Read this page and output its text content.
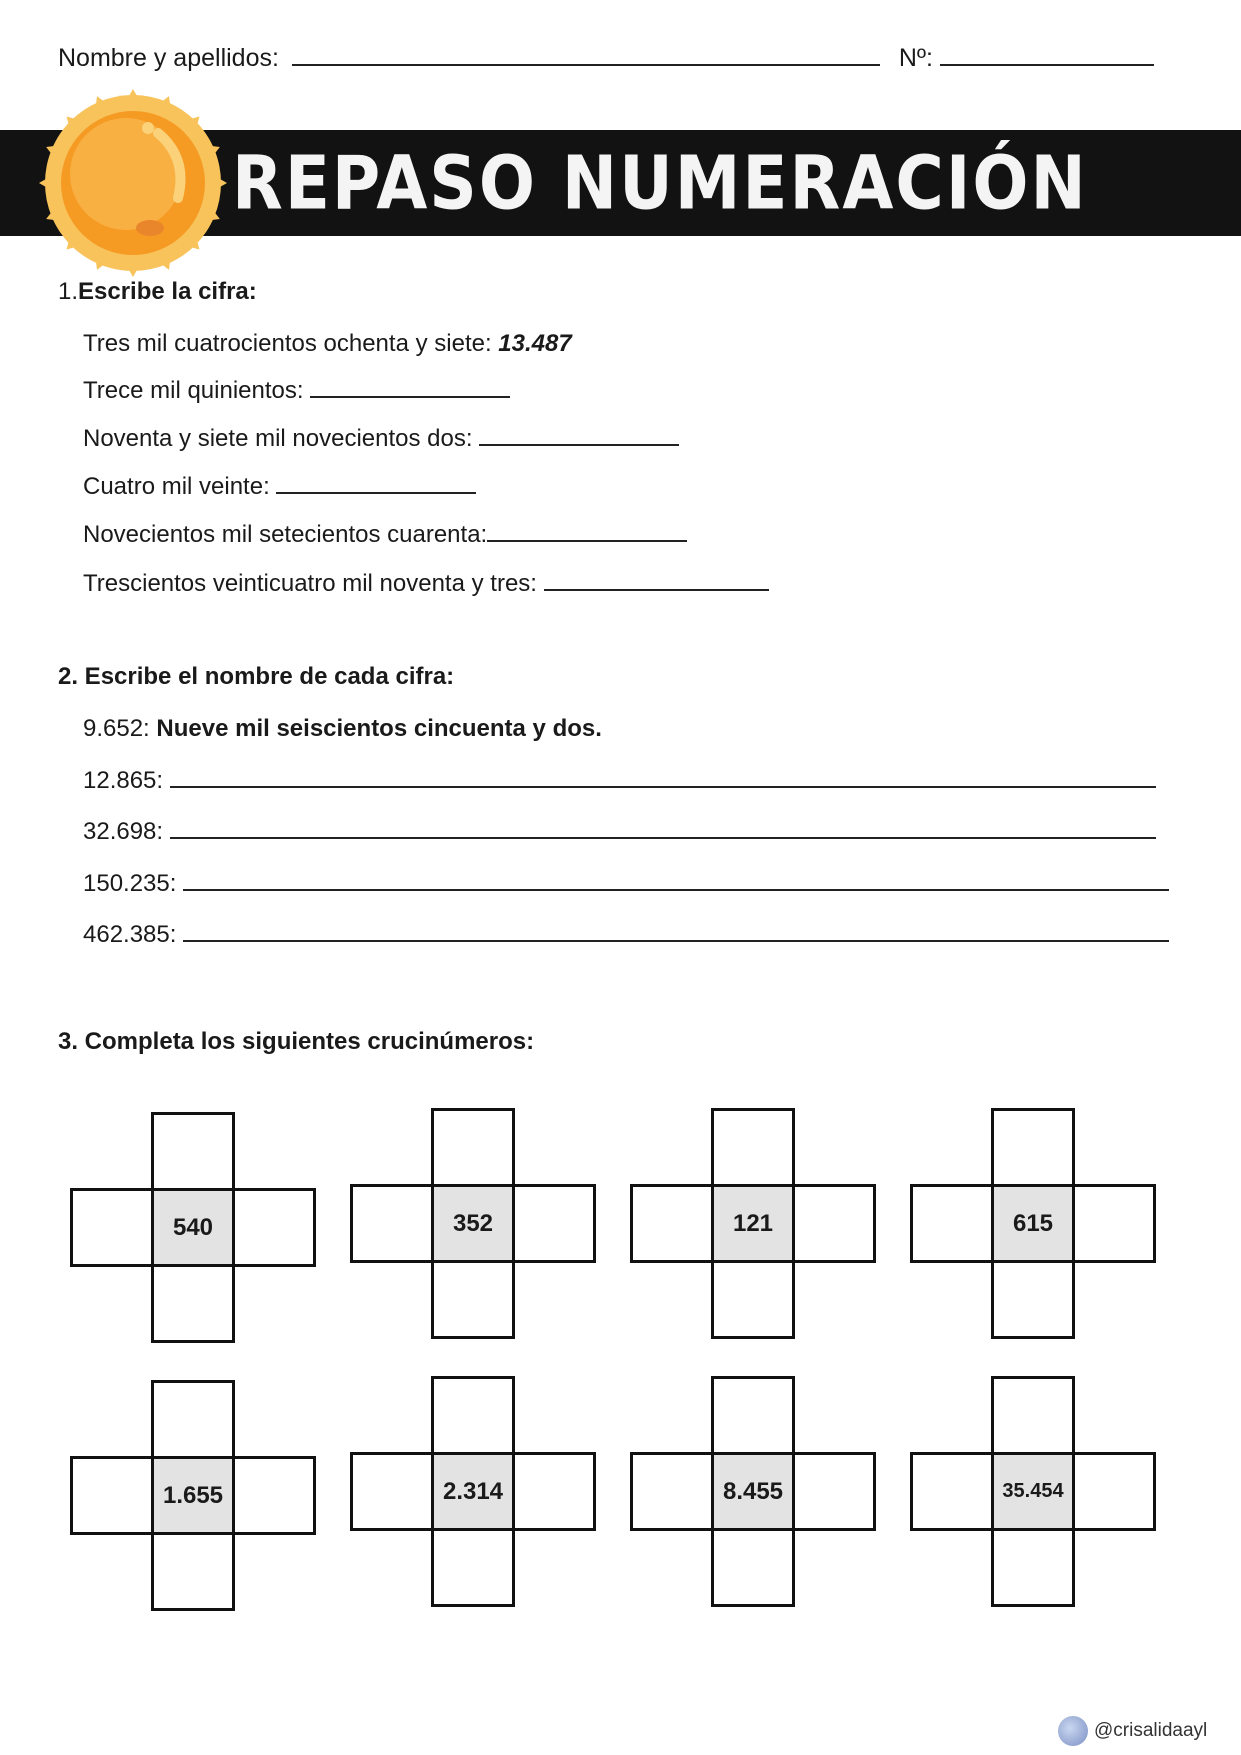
Nombre y apellidos:	Nº:
REPASO NUMERACIÓN
1.Escribe la cifra:
Tres mil cuatrocientos ochenta y siete: 13.487
Trece mil quinientos:
Noventa y siete mil novecientos dos:
Cuatro mil veinte:
Novecientos mil setecientos cuarenta:
Trescientos veinticuatro mil noventa y tres:
2. Escribe el nombre de cada cifra:
9.652: Nueve mil seiscientos cincuenta y dos.
12.865:
32.698:
150.235:
462.385:
3. Completa los siguientes crucinúmeros:
540	352	121	615
1.655	2.314	8.455	35.454
@crisalidaayl
